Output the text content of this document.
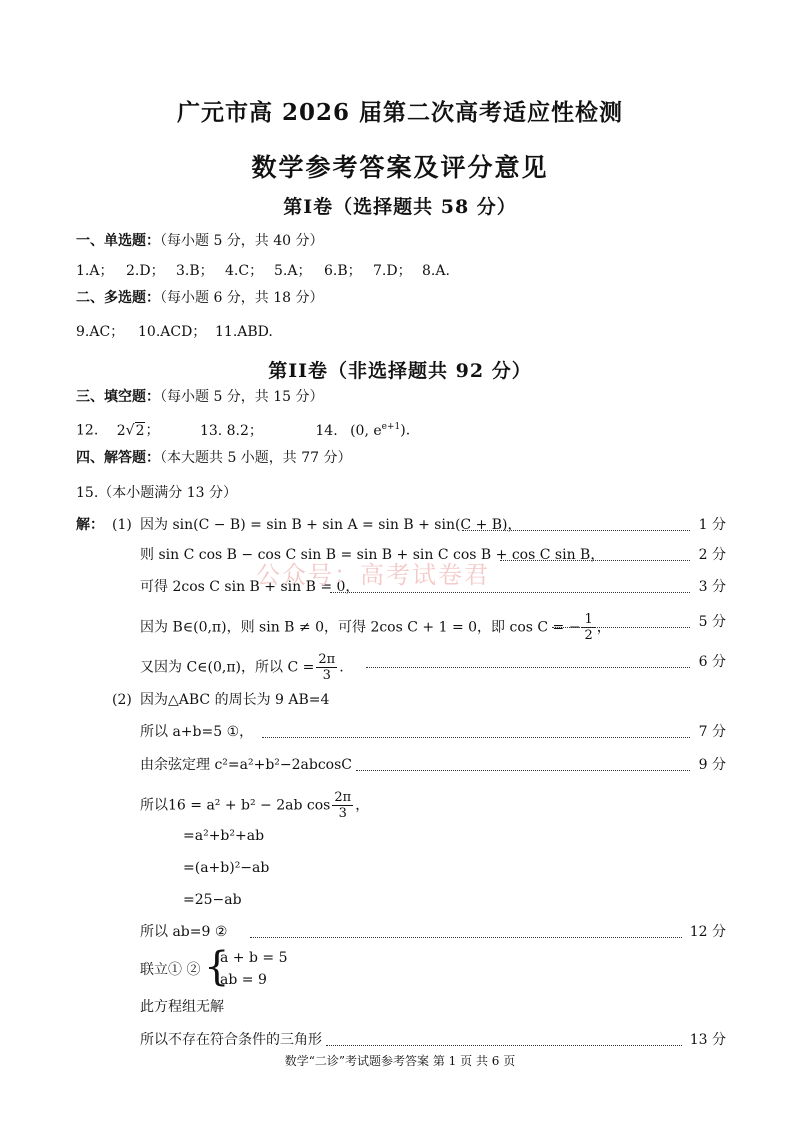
广元市高 2026 届第二次高考适应性检测
数学参考答案及评分意见
第I卷（选择题共 58 分）
一、单选题：（每小题 5 分，共 40 分）
1.A； 2.D； 3.B； 4.C； 5.A； 6.B； 7.D； 8.A.
二、多选题：（每小题 6 分，共 18 分）
9.AC； 10.ACD； 11.ABD.
第II卷（非选择题共 92 分）
三、填空题：（每小题 5 分，共 15 分）
12. 2√2；	13. 8.2；	14. (0, $e^{e+1}$).
四、解答题：（本大题共 5 小题，共 77 分）
15.（本小题满分 13 分）
解： (1) 因为 sin(C − B) = sin B + sin A = sin B + sin(C + B)，	1 分
则 sin C cos B − cos C sin B = sin B + sin C cos B + cos C sin B，	2 分
可得 2cos C sin B + sin B = 0，	3 分
因为 B∈(0,π)，则 sin B ≠ 0，可得 2cos C + 1 = 0，即 cos C = − $\frac{1}{2}$ ，	5 分
又因为 C∈(0,π)，所以 $C = \frac{2\pi}{3}$ .	6 分
(2) 因为△ABC 的周长为 9 AB=4
所以 a+b=5 ①，	7 分
由余弦定理 c²=a²+b²−2abcosC	9 分
所以16 = a² + b² − 2ab $\cos \frac{2\pi}{3}$ ，
=a²+b²+ab
=(a+b)²−ab
=25−ab
所以 ab=9 ②	12 分
联立① ② {
a + b = 5
ab = 9
此方程组无解
所以不存在符合条件的三角形	13 分
公众号：高考试卷君
数学“二诊”考试题参考答案 第 1 页 共 6 页
